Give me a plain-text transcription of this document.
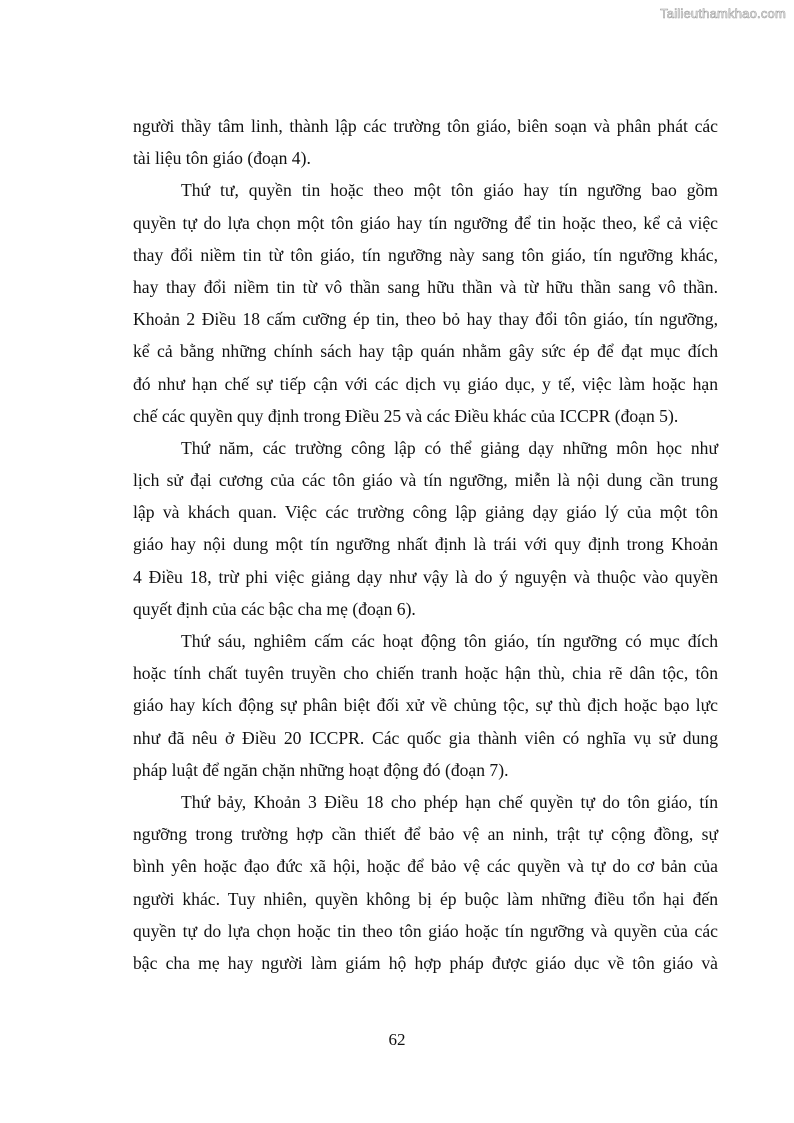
Tailieuthamkhao.com
người thầy tâm linh, thành lập các trường tôn giáo, biên soạn và phân phát các
tài liệu tôn giáo (đoạn 4).
Thứ tư, quyền tin hoặc theo một tôn giáo hay tín ngưỡng bao gồm
quyền tự do lựa chọn một tôn giáo hay tín ngưỡng để tin hoặc theo, kể cả việc
thay đổi niềm tin từ tôn giáo, tín ngưỡng này sang tôn giáo, tín ngưỡng khác,
hay thay đổi niềm tin từ vô thần sang hữu thần và từ hữu thần sang vô thần.
Khoản 2 Điều 18 cấm cưỡng ép tin, theo bỏ hay thay đổi tôn giáo, tín ngưỡng,
kể cả bằng những chính sách hay tập quán nhằm gây sức ép để đạt mục đích
đó như hạn chế sự tiếp cận với các dịch vụ giáo dục, y tế, việc làm hoặc hạn
chế các quyền quy định trong Điều 25 và các Điều khác của ICCPR (đoạn 5).
Thứ năm, các trường công lập có thể giảng dạy những môn học như
lịch sử đại cương của các tôn giáo và tín ngưỡng, miễn là nội dung cần trung
lập và khách quan. Việc các trường công lập giảng dạy giáo lý của một tôn
giáo hay nội dung một tín ngưỡng nhất định là trái với quy định trong Khoản
4 Điều 18, trừ phi việc giảng dạy như vậy là do ý nguyện và thuộc vào quyền
quyết định của các bậc cha mẹ (đoạn 6).
Thứ sáu, nghiêm cấm các hoạt động tôn giáo, tín ngưỡng có mục đích
hoặc tính chất tuyên truyền cho chiến tranh hoặc hận thù, chia rẽ dân tộc, tôn
giáo hay kích động sự phân biệt đối xử về chủng tộc, sự thù địch hoặc bạo lực
như đã nêu ở Điều 20 ICCPR. Các quốc gia thành viên có nghĩa vụ sử dung
pháp luật để ngăn chặn những hoạt động đó (đoạn 7).
Thứ bảy, Khoản 3 Điều 18 cho phép hạn chế quyền tự do tôn giáo, tín
ngưỡng trong trường hợp cần thiết để bảo vệ an ninh, trật tự cộng đồng, sự
bình yên hoặc đạo đức xã hội, hoặc để bảo vệ các quyền và tự do cơ bản của
người khác. Tuy nhiên, quyền không bị ép buộc làm những điều tổn hại đến
quyền tự do lựa chọn hoặc tin theo tôn giáo hoặc tín ngưỡng và quyền của các
bậc cha mẹ hay người làm giám hộ hợp pháp được giáo dục về tôn giáo và
62
